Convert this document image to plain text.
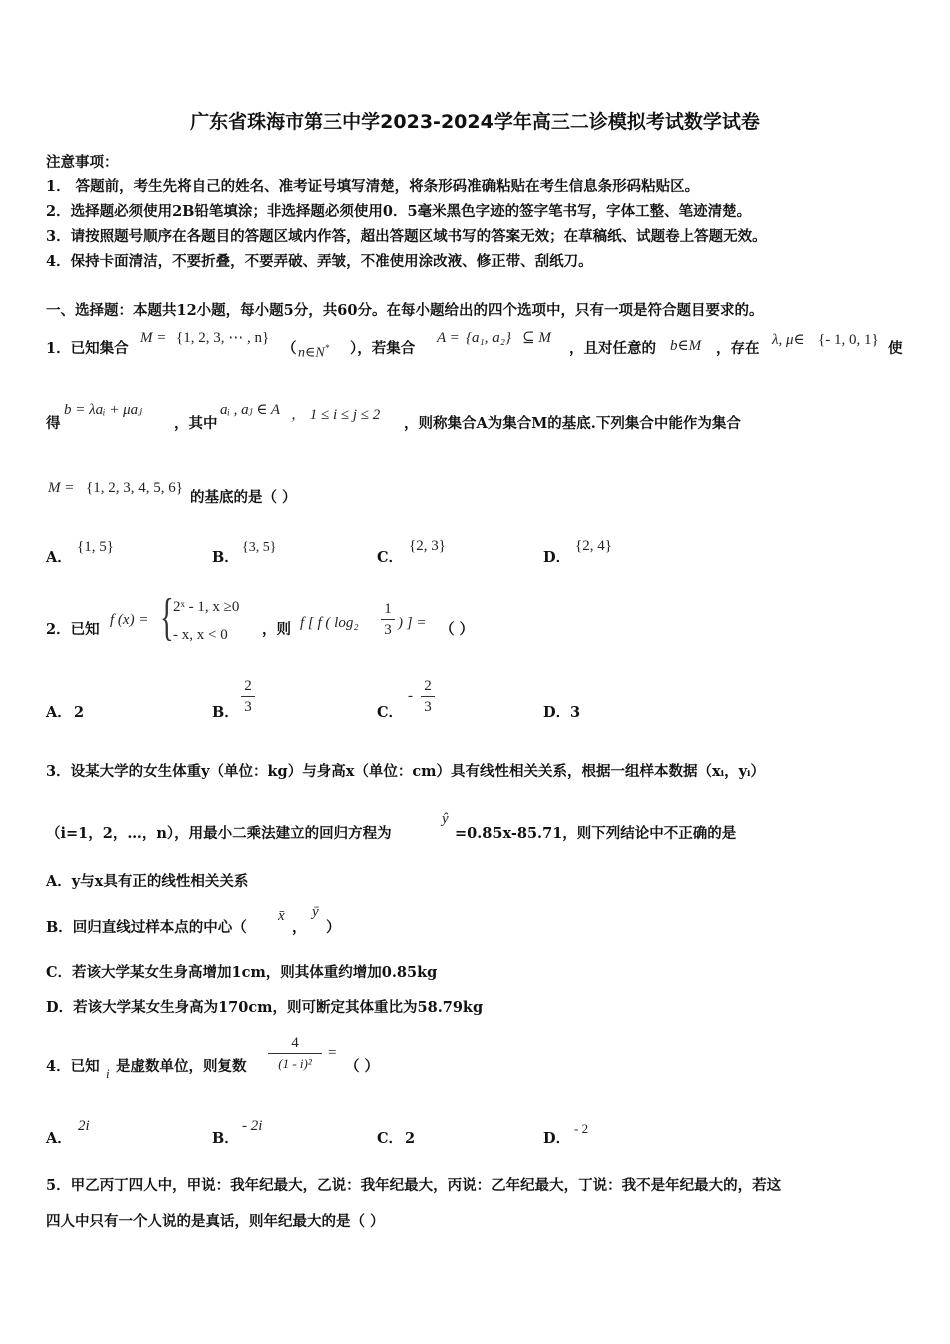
广东省珠海市第三中学2023-2024学年高三二诊模拟考试数学试卷
注意事项：
1． 答题前，考生先将自己的姓名、准考证号填写清楚，将条形码准确粘贴在考生信息条形码粘贴区。
2．选择题必须使用2B铅笔填涂；非选择题必须使用0．5毫米黑色字迹的签字笔书写，字体工整、笔迹清楚。
3．请按照题号顺序在各题目的答题区域内作答，超出答题区域书写的答案无效；在草稿纸、试题卷上答题无效。
4．保持卡面清洁，不要折叠，不要弄破、弄皱，不准使用涂改液、修正带、刮纸刀。
一、选择题：本题共12小题，每小题5分，共60分。在每小题给出的四个选项中，只有一项是符合题目要求的。
1．已知集合
M = {1, 2, 3, ⋯ , n}
（ n∈N* ），若集合
A = {a₁, a₂} ⊆ M
，且对任意的 b∈M ，存在 λ, μ∈ {- 1, 0, 1} 使
得
b = λaᵢ + μaⱼ
，其中
aᵢ , aⱼ ∈ A ， 1 ≤ i ≤ j ≤ 2 ，则称集合A为集合M的基底.下列集合中能作为集合
M = {1, 2, 3, 4, 5, 6}
的基底的是（ ）
A．
{1, 5}
B．
{3, 5}
C．
{2, 3}
D．
{2, 4}
2．已知
f (x) = { 2ˣ - 1, x ≥0
- x, x < 0 ，则 f [ f ( log₂
1
3 ) ] = （ ）
A． 2	B．
2
3	C．
-
2
3	D． 3
3．设某大学的女生体重y（单位：kg）与身高x（单位：cm）具有线性相关关系，根据一组样本数据（xᵢ，yᵢ）
（i=1，2，…，n），用最小二乘法建立的回归方程为
ŷ
=0.85x-85.71，则下列结论中不正确的是
A．y与x具有正的线性相关关系
B．回归直线过样本点的中心（
x̄
，
ȳ
）
C．若该大学某女生身高增加1cm，则其体重约增加0.85kg
D．若该大学某女生身高为170cm，则可断定其体重比为58.79kg
4．已知 i 是虚数单位，则复数
4
(1 - i)²
=
（ ）
A．
2i
B．
- 2i
C． 2	D．
- 2
5．甲乙丙丁四人中，甲说：我年纪最大，乙说：我年纪最大，丙说：乙年纪最大，丁说：我不是年纪最大的，若这
四人中只有一个人说的是真话，则年纪最大的是（ ）
